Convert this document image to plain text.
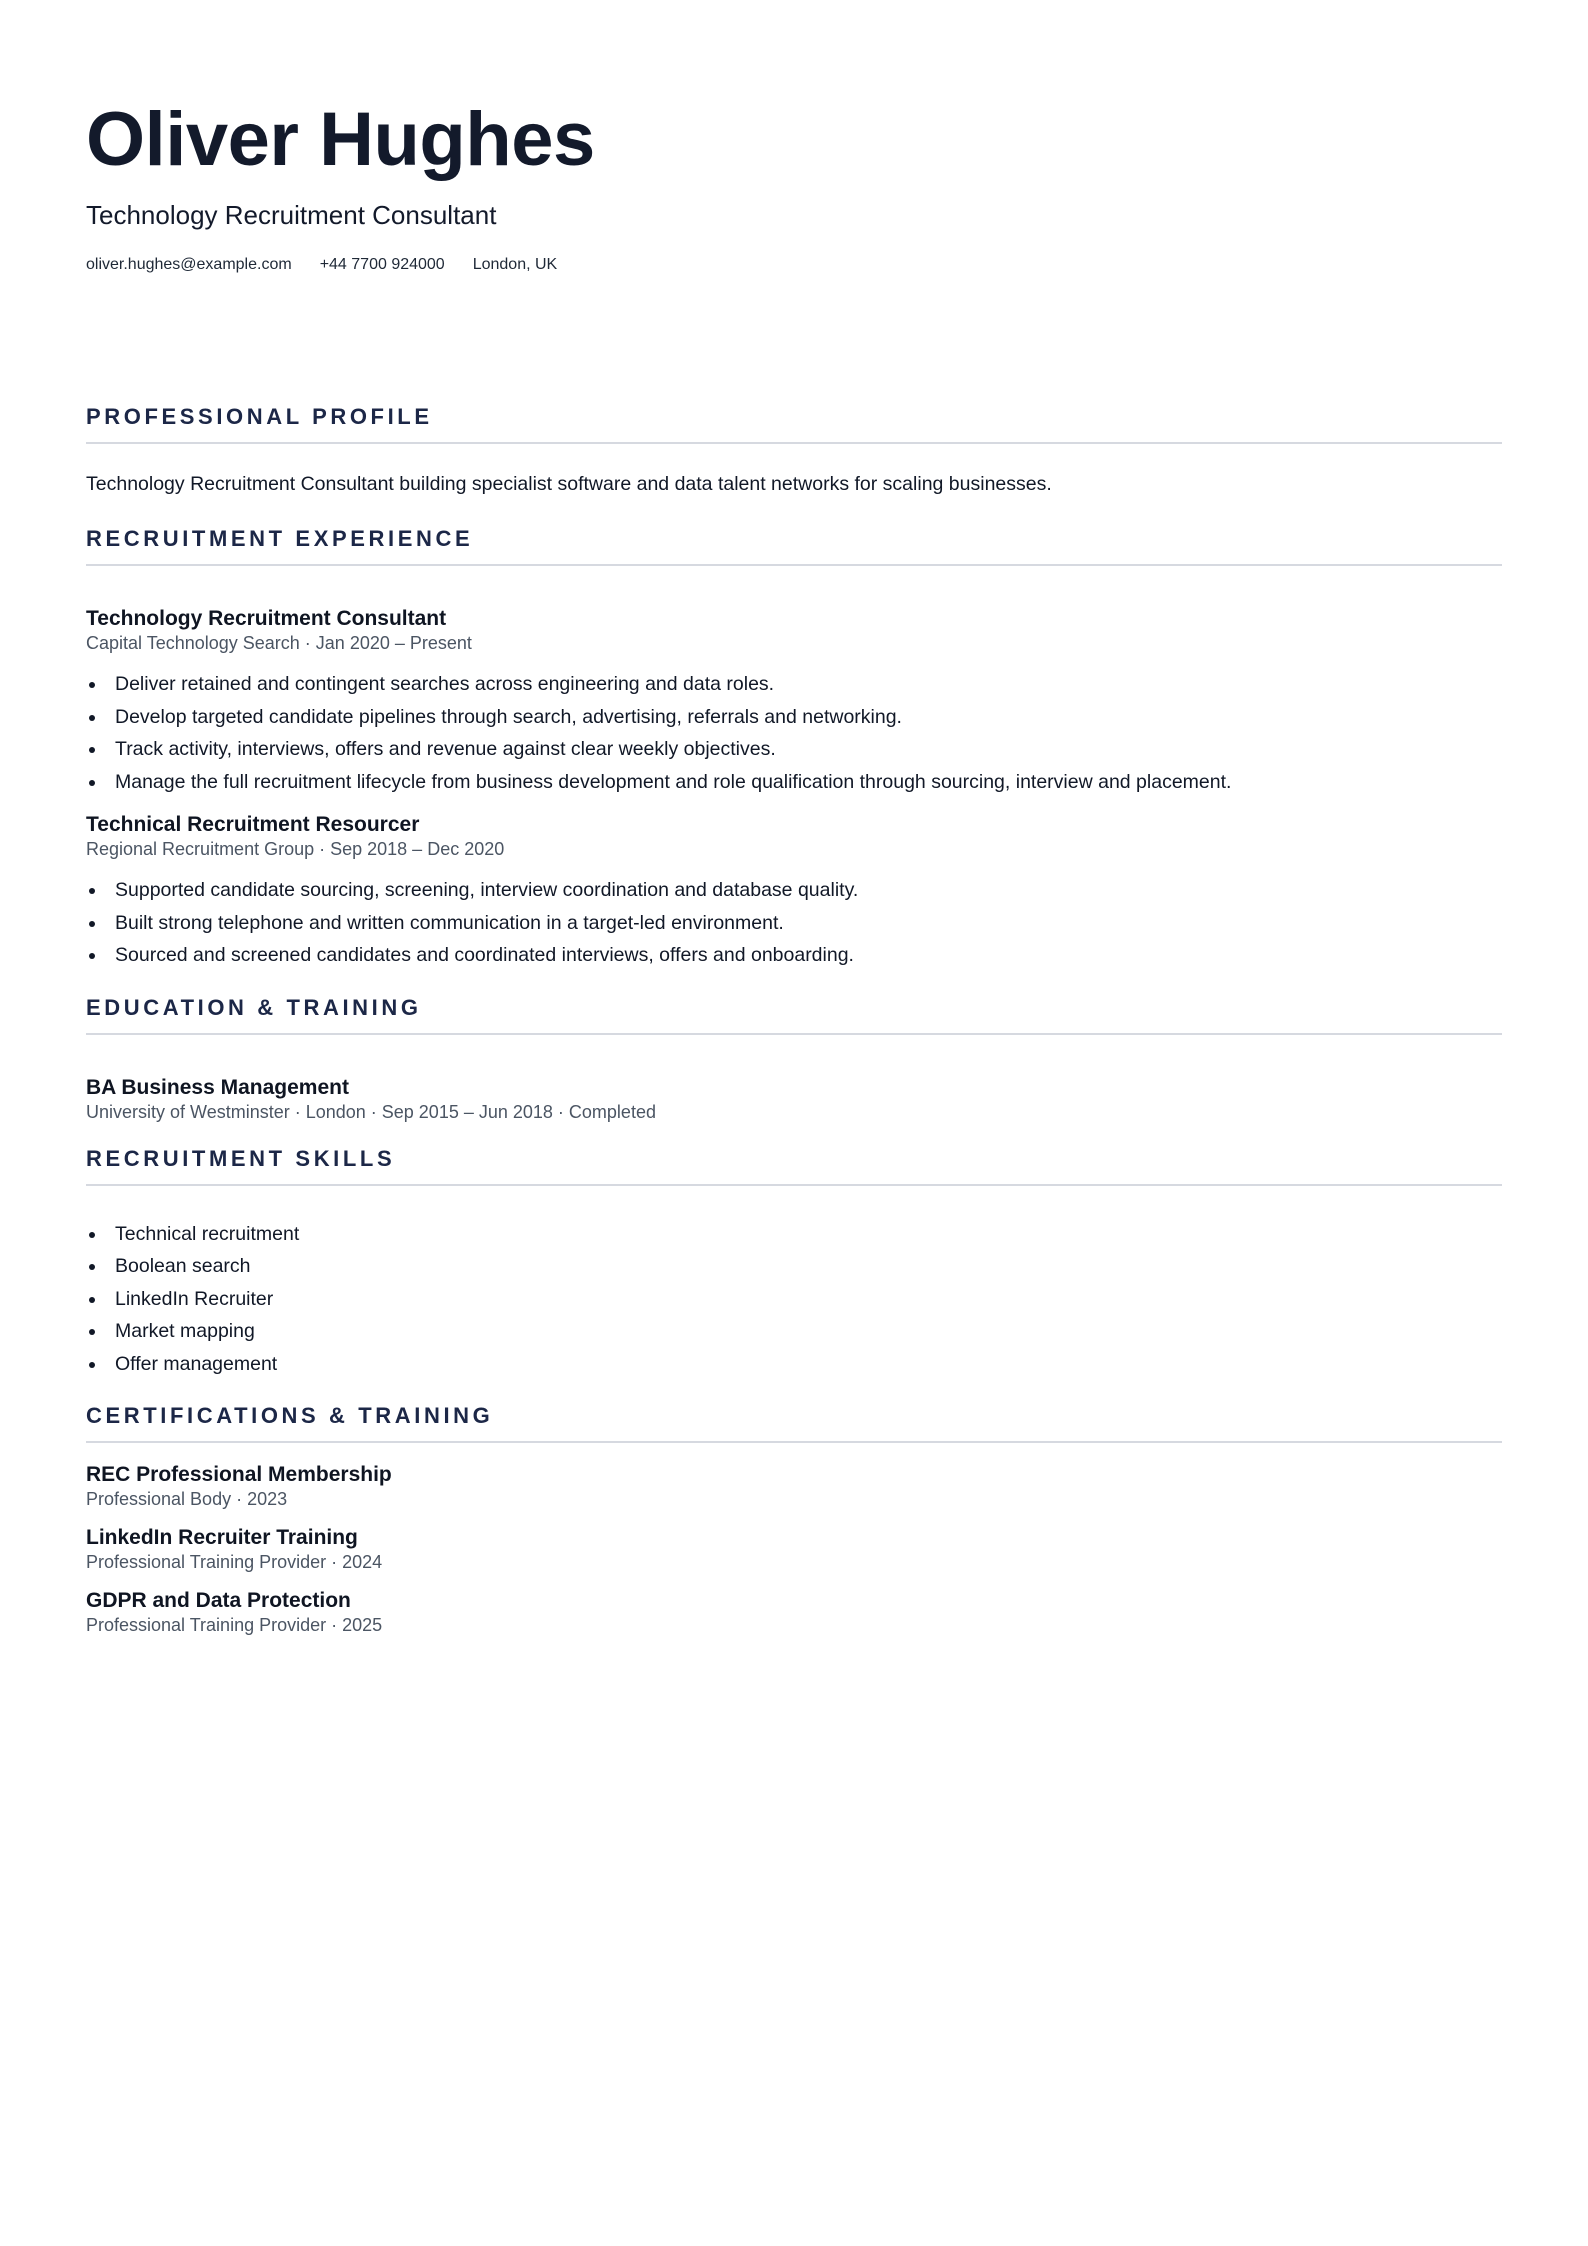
Oliver Hughes
Technology Recruitment Consultant
oliver.hughes@example.com +44 7700 924000 London, UK
PROFESSIONAL PROFILE

Technology Recruitment Consultant building specialist software and data talent networks for scaling businesses.

RECRUITMENT EXPERIENCE
Technology Recruitment Consultant
Capital Technology Search · Jan 2020 – Present
Deliver retained and contingent searches across engineering and data roles.
Develop targeted candidate pipelines through search, advertising, referrals and networking.
Track activity, interviews, offers and revenue against clear weekly objectives.
Manage the full recruitment lifecycle from business development and role qualification through sourcing, interview and placement.
Technical Recruitment Resourcer
Regional Recruitment Group · Sep 2018 – Dec 2020
Supported candidate sourcing, screening, interview coordination and database quality.
Built strong telephone and written communication in a target-led environment.
Sourced and screened candidates and coordinated interviews, offers and onboarding.
EDUCATION & TRAINING
BA Business Management
University of Westminster · London · Sep 2015 – Jun 2018 · Completed
RECRUITMENT SKILLS
Technical recruitment
Boolean search
LinkedIn Recruiter
Market mapping
Offer management
CERTIFICATIONS & TRAINING
REC Professional Membership
Professional Body · 2023
LinkedIn Recruiter Training
Professional Training Provider · 2024
GDPR and Data Protection
Professional Training Provider · 2025
